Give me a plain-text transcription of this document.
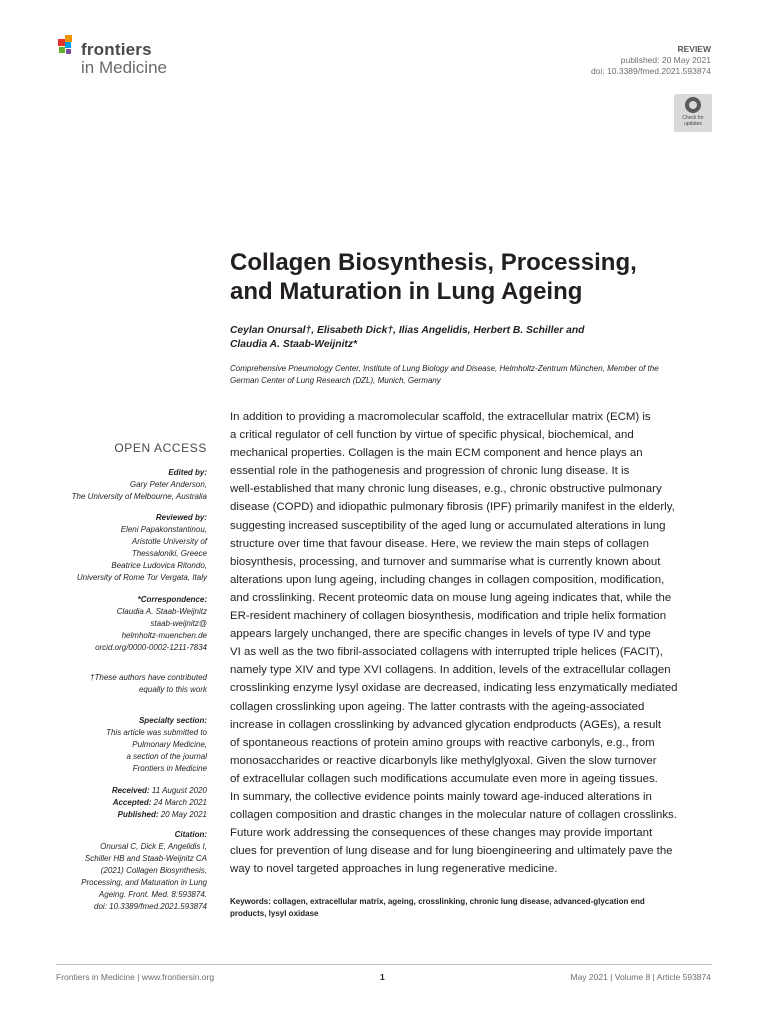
frontiers
in Medicine
REVIEW
published: 20 May 2021
doi: 10.3389/fmed.2021.593874
Check for
updates
Collagen Biosynthesis, Processing,
and Maturation in Lung Ageing
Ceylan Onursal†, Elisabeth Dick†, Ilias Angelidis, Herbert B. Schiller and
Claudia A. Staab-Weijnitz*
Comprehensive Pneumology Center, Institute of Lung Biology and Disease, Helmholtz-Zentrum München, Member of the
German Center of Lung Research (DZL), Munich, Germany
OPEN ACCESS
Edited by:
Gary Peter Anderson,
The University of Melbourne, Australia
Reviewed by:
Eleni Papakonstantinou,
Aristotle University of
Thessaloniki, Greece
Beatrice Ludovica Ritondo,
University of Rome Tor Vergata, Italy
*Correspondence:
Claudia A. Staab-Weijnitz
staab-weijnitz@
helmholtz-muenchen.de
orcid.org/0000-0002-1211-7834
†These authors have contributed
equally to this work
Specialty section:
This article was submitted to
Pulmonary Medicine,
a section of the journal
Frontiers in Medicine
Received: 11 August 2020
Accepted: 24 March 2021
Published: 20 May 2021
Citation:
Onursal C, Dick E, Angelidis I,
Schiller HB and Staab-Weijnitz CA
(2021) Collagen Biosynthesis,
Processing, and Maturation in Lung
Ageing. Front. Med. 8:593874.
doi: 10.3389/fmed.2021.593874
In addition to providing a macromolecular scaffold, the extracellular matrix (ECM) is
a critical regulator of cell function by virtue of specific physical, biochemical, and
mechanical properties. Collagen is the main ECM component and hence plays an
essential role in the pathogenesis and progression of chronic lung disease. It is
well-established that many chronic lung diseases, e.g., chronic obstructive pulmonary
disease (COPD) and idiopathic pulmonary fibrosis (IPF) primarily manifest in the elderly,
suggesting increased susceptibility of the aged lung or accumulated alterations in lung
structure over time that favour disease. Here, we review the main steps of collagen
biosynthesis, processing, and turnover and summarise what is currently known about
alterations upon lung ageing, including changes in collagen composition, modification,
and crosslinking. Recent proteomic data on mouse lung ageing indicates that, while the
ER-resident machinery of collagen biosynthesis, modification and triple helix formation
appears largely unchanged, there are specific changes in levels of type IV and type
VI as well as the two fibril-associated collagens with interrupted triple helices (FACIT),
namely type XIV and type XVI collagens. In addition, levels of the extracellular collagen
crosslinking enzyme lysyl oxidase are decreased, indicating less enzymatically mediated
collagen crosslinking upon ageing. The latter contrasts with the ageing-associated
increase in collagen crosslinking by advanced glycation endproducts (AGEs), a result
of spontaneous reactions of protein amino groups with reactive carbonyls, e.g., from
monosaccharides or reactive dicarbonyls like methylglyoxal. Given the slow turnover
of extracellular collagen such modifications accumulate even more in ageing tissues.
In summary, the collective evidence points mainly toward age-induced alterations in
collagen composition and drastic changes in the molecular nature of collagen crosslinks.
Future work addressing the consequences of these changes may provide important
clues for prevention of lung disease and for lung bioengineering and ultimately pave the
way to novel targeted approaches in lung regenerative medicine.
Keywords: collagen, extracellular matrix, ageing, crosslinking, chronic lung disease, advanced-glycation end
products, lysyl oxidase
Frontiers in Medicine | www.frontiersin.org	1	May 2021 | Volume 8 | Article 593874
